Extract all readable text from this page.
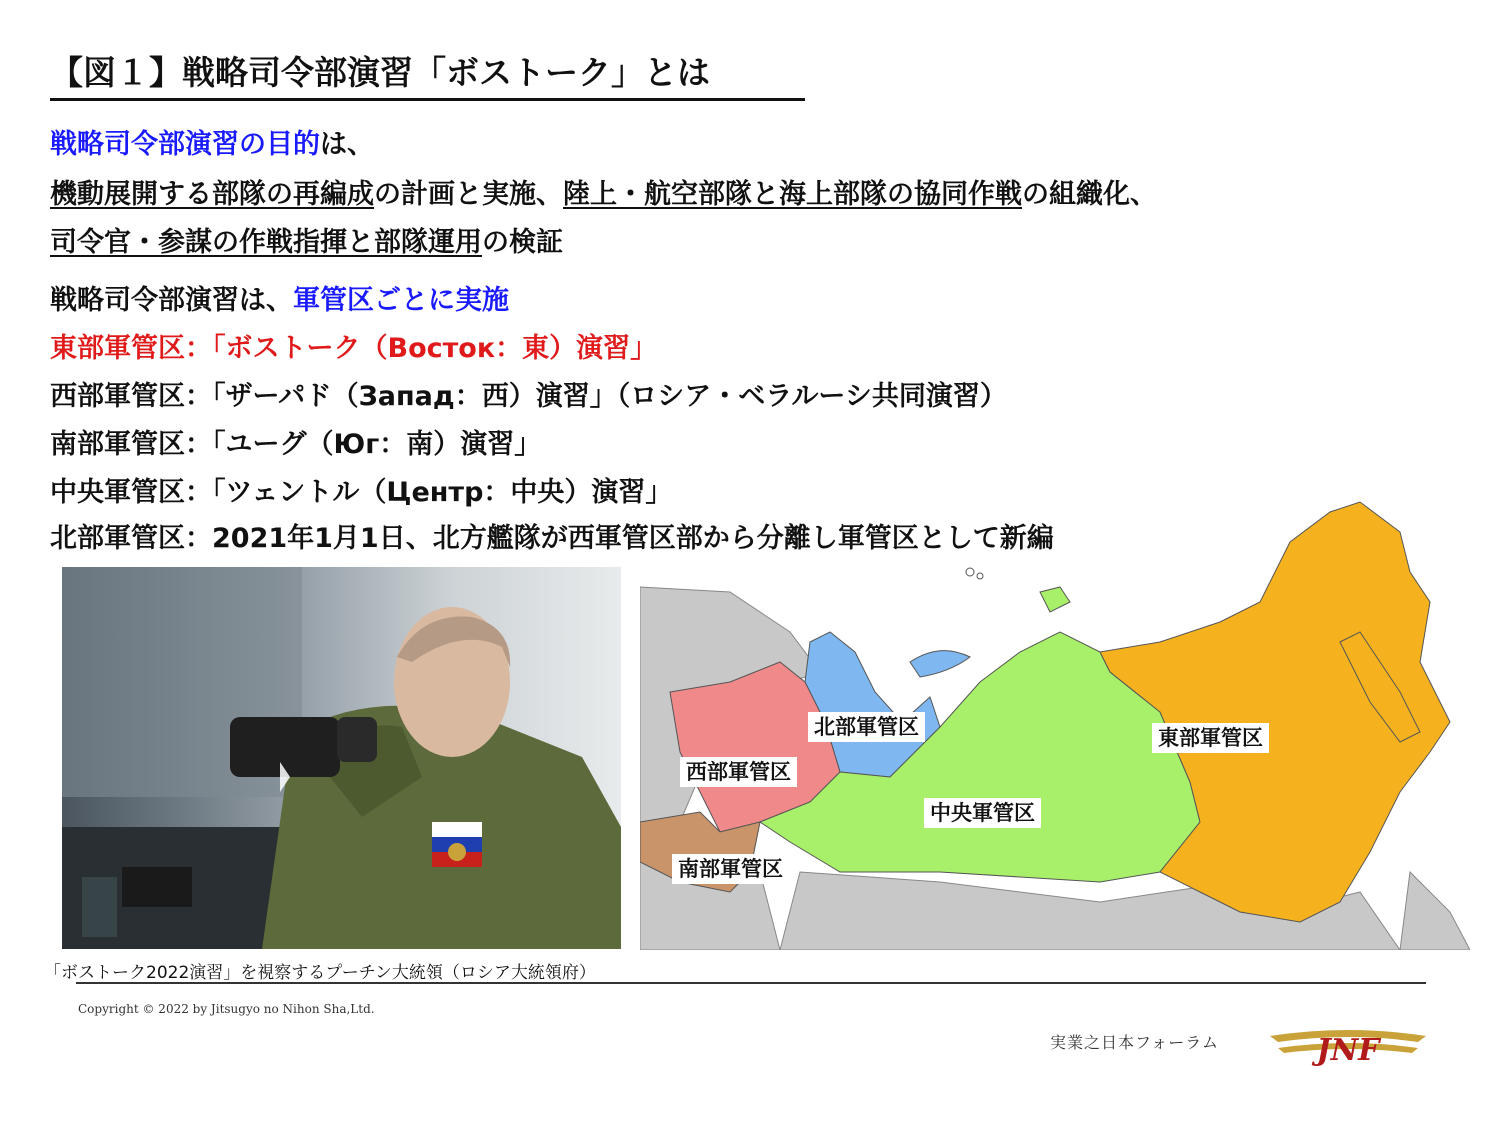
【図１】戦略司令部演習「ボストーク」とは
戦略司令部演習の目的は、
機動展開する部隊の再編成の計画と実施、陸上・航空部隊と海上部隊の協同作戦の組織化、
司令官・参謀の作戦指揮と部隊運用の検証
戦略司令部演習は、軍管区ごとに実施
東部軍管区：「ボストーク（Восток：東）演習」
西部軍管区：「ザーパド（Запад：西）演習」（ロシア・ベラルーシ共同演習）
南部軍管区：「ユーグ（Юг：南）演習」
中央軍管区：「ツェントル（Центр：中央）演習」
北部軍管区：2021年1月1日、北方艦隊が西軍管区部から分離し軍管区として新編
北部軍管区	東部軍管区
西部軍管区
中央軍管区
南部軍管区
「ボストーク2022演習」を視察するプーチン大統領（ロシア大統領府）
Copyright © 2022 by Jitsugyo no Nihon Sha,Ltd.
実業之日本フォーラム	JNF
